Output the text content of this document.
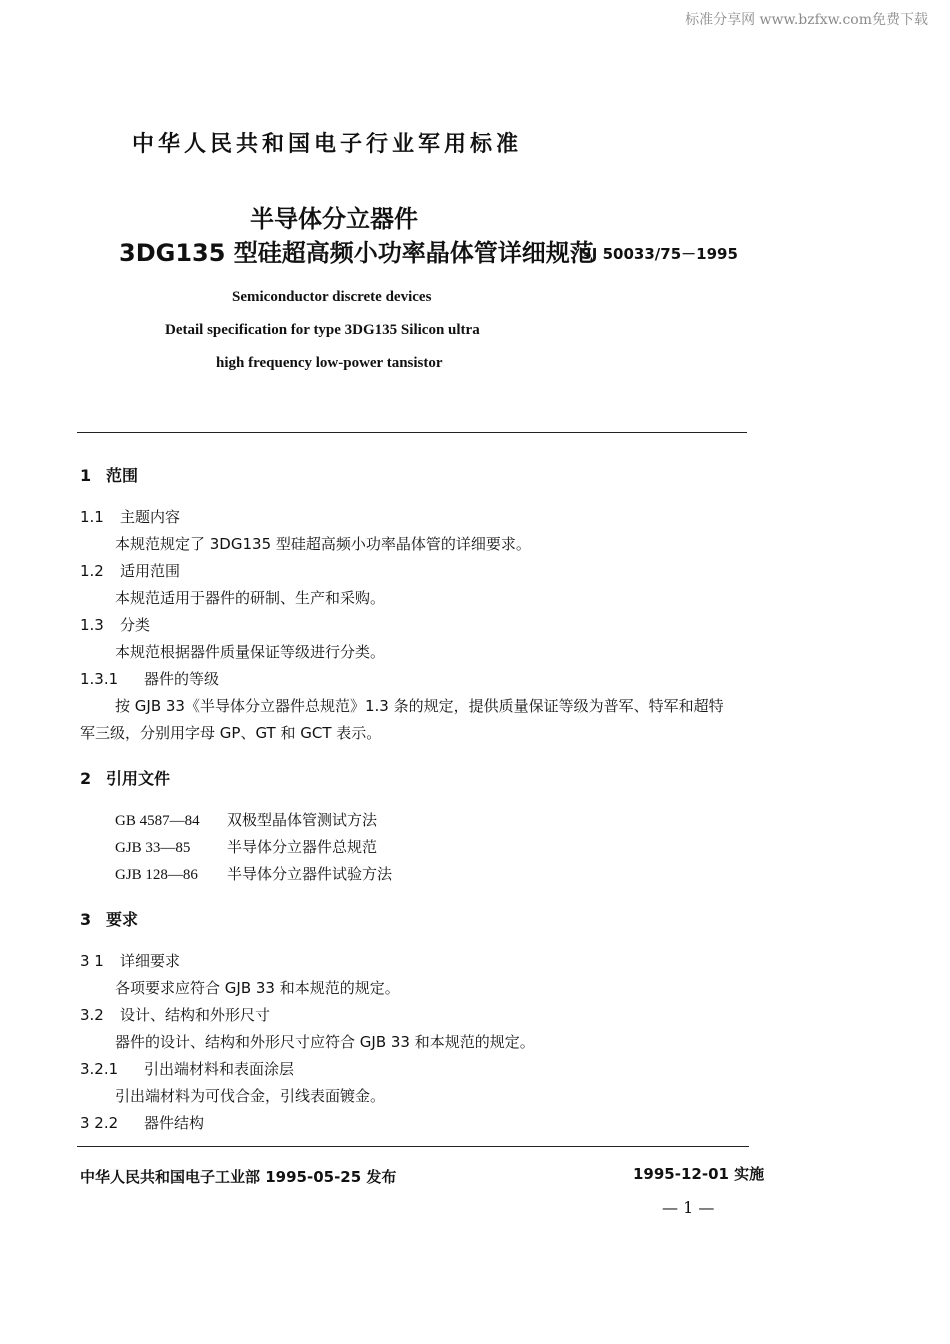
标准分享网 www.bzfxw.com免费下载
中华人民共和国电子行业军用标准
半导体分立器件
3DG135 型硅超高频小功率晶体管详细规范
SJ 50033/75－1995
Semiconductor discrete devices
Detail specification for type 3DG135 Silicon ultra
high frequency low-power tansistor
1 范围
1.1 主题内容
本规范规定了 3DG135 型硅超高频小功率晶体管的详细要求。
1.2 适用范围
本规范适用于器件的研制、生产和采购。
1.3 分类
本规范根据器件质量保证等级进行分类。
1.3.1 器件的等级
按 GJB 33《半导体分立器件总规范》1.3 条的规定，提供质量保证等级为普军、特军和超特
军三级，分别用字母 GP、GT 和 GCT 表示。
2 引用文件
GB 4587—84 双极型晶体管测试方法
GJB 33—85 半导体分立器件总规范
GJB 128—86 半导体分立器件试验方法
3 要求
3 1 详细要求
各项要求应符合 GJB 33 和本规范的规定。
3.2 设计、结构和外形尺寸
器件的设计、结构和外形尺寸应符合 GJB 33 和本规范的规定。
3.2.1 引出端材料和表面涂层
引出端材料为可伐合金，引线表面镀金。
3 2.2 器件结构
中华人民共和国电子工业部 1995-05-25 发布	1995-12-01 实施
— 1 —
